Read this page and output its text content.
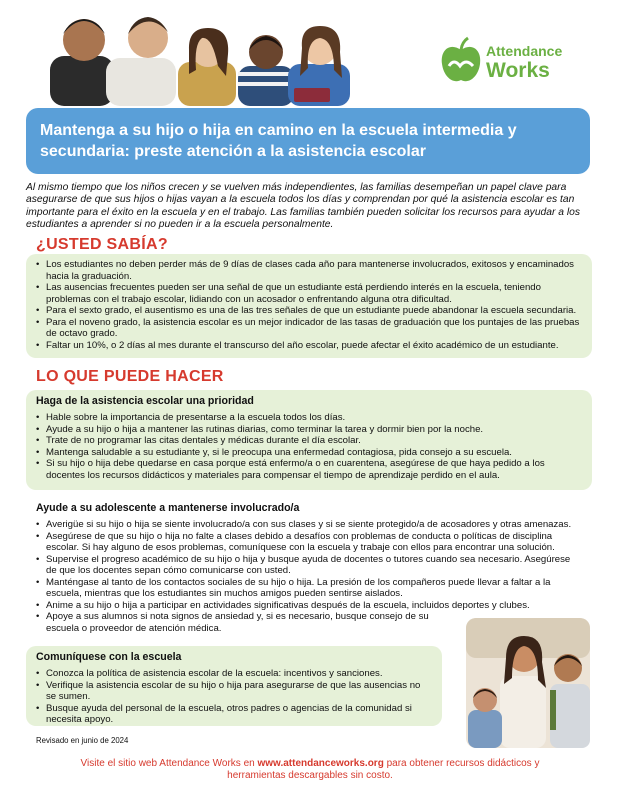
Attendance
Works
Mantenga a su hijo o hija en camino en la escuela intermedia y secundaria: preste atención a la asistencia escolar

Al mismo tiempo que los niños crecen y se vuelven más independientes, las familias desempeñan un papel clave para asegurarse de que sus hijos o hijas vayan a la escuela todos los días y comprendan por qué la asistencia escolar es tan importante para el éxito en la escuela y en el trabajo. Las familias también pueden solicitar los recursos para ayudar a los estudiantes a aprender si no pueden ir a la escuela personalmente.

¿USTED SABÍA?
• Los estudiantes no deben perder más de 9 días de clases cada año para mantenerse involucrados, exitosos y encaminados hacia la graduación.
• Las ausencias frecuentes pueden ser una señal de que un estudiante está perdiendo interés en la escuela, teniendo problemas con el trabajo escolar, lidiando con un acosador o enfrentando alguna otra dificultad.
• Para el sexto grado, el ausentismo es una de las tres señales de que un estudiante puede abandonar la escuela secundaria.
• Para el noveno grado, la asistencia escolar es un mejor indicador de las tasas de graduación que los puntajes de las pruebas de octavo grado.
• Faltar un 10%, o 2 días al mes durante el transcurso del año escolar, puede afectar el éxito académico de un estudiante.
LO QUE PUEDE HACER
Haga de la asistencia escolar una prioridad
• Hable sobre la importancia de presentarse a la escuela todos los días.
• Ayude a su hijo o hija a mantener las rutinas diarias, como terminar la tarea y dormir bien por la noche.
• Trate de no programar las citas dentales y médicas durante el día escolar.
• Mantenga saludable a su estudiante y, si le preocupa una enfermedad contagiosa, pida consejo a su escuela.
• Si su hijo o hija debe quedarse en casa porque está enfermo/a o en cuarentena, asegúrese de que haya pedido a los docentes los recursos didácticos y materiales para compensar el tiempo de aprendizaje perdido en el aula.
Ayude a su adolescente a mantenerse involucrado/a
• Averigüe si su hijo o hija se siente involucrado/a con sus clases y si se siente protegido/a de acosadores y otras amenazas.
• Asegúrese de que su hijo o hija no falte a clases debido a desafíos con problemas de conducta o políticas de disciplina escolar. Si hay alguno de esos problemas, comuníquese con la escuela y trabaje con ellos para encontrar una solución.
• Supervise el progreso académico de su hijo o hija y busque ayuda de docentes o tutores cuando sea necesario. Asegúrese de que los docentes sepan cómo comunicarse con usted.
• Manténgase al tanto de los contactos sociales de su hijo o hija. La presión de los compañeros puede llevar a faltar a la escuela, mientras que los estudiantes sin muchos amigos pueden sentirse aislados.
• Anime a su hijo o hija a participar en actividades significativas después de la escuela, incluidos deportes y clubes.
• Apoye a sus alumnos si nota signos de ansiedad y, si es necesario, busque consejo de su escuela o proveedor de atención médica.
Comuníquese con la escuela
• Conozca la política de asistencia escolar de la escuela: incentivos y sanciones.
• Verifique la asistencia escolar de su hijo o hija para asegurarse de que las ausencias no se sumen.
• Busque ayuda del personal de la escuela, otros padres o agencias de la comunidad si necesita apoyo.
Revisado en junio de 2024
Visite el sitio web Attendance Works en www.attendanceworks.org para obtener recursos didácticos y herramientas descargables sin costo.
